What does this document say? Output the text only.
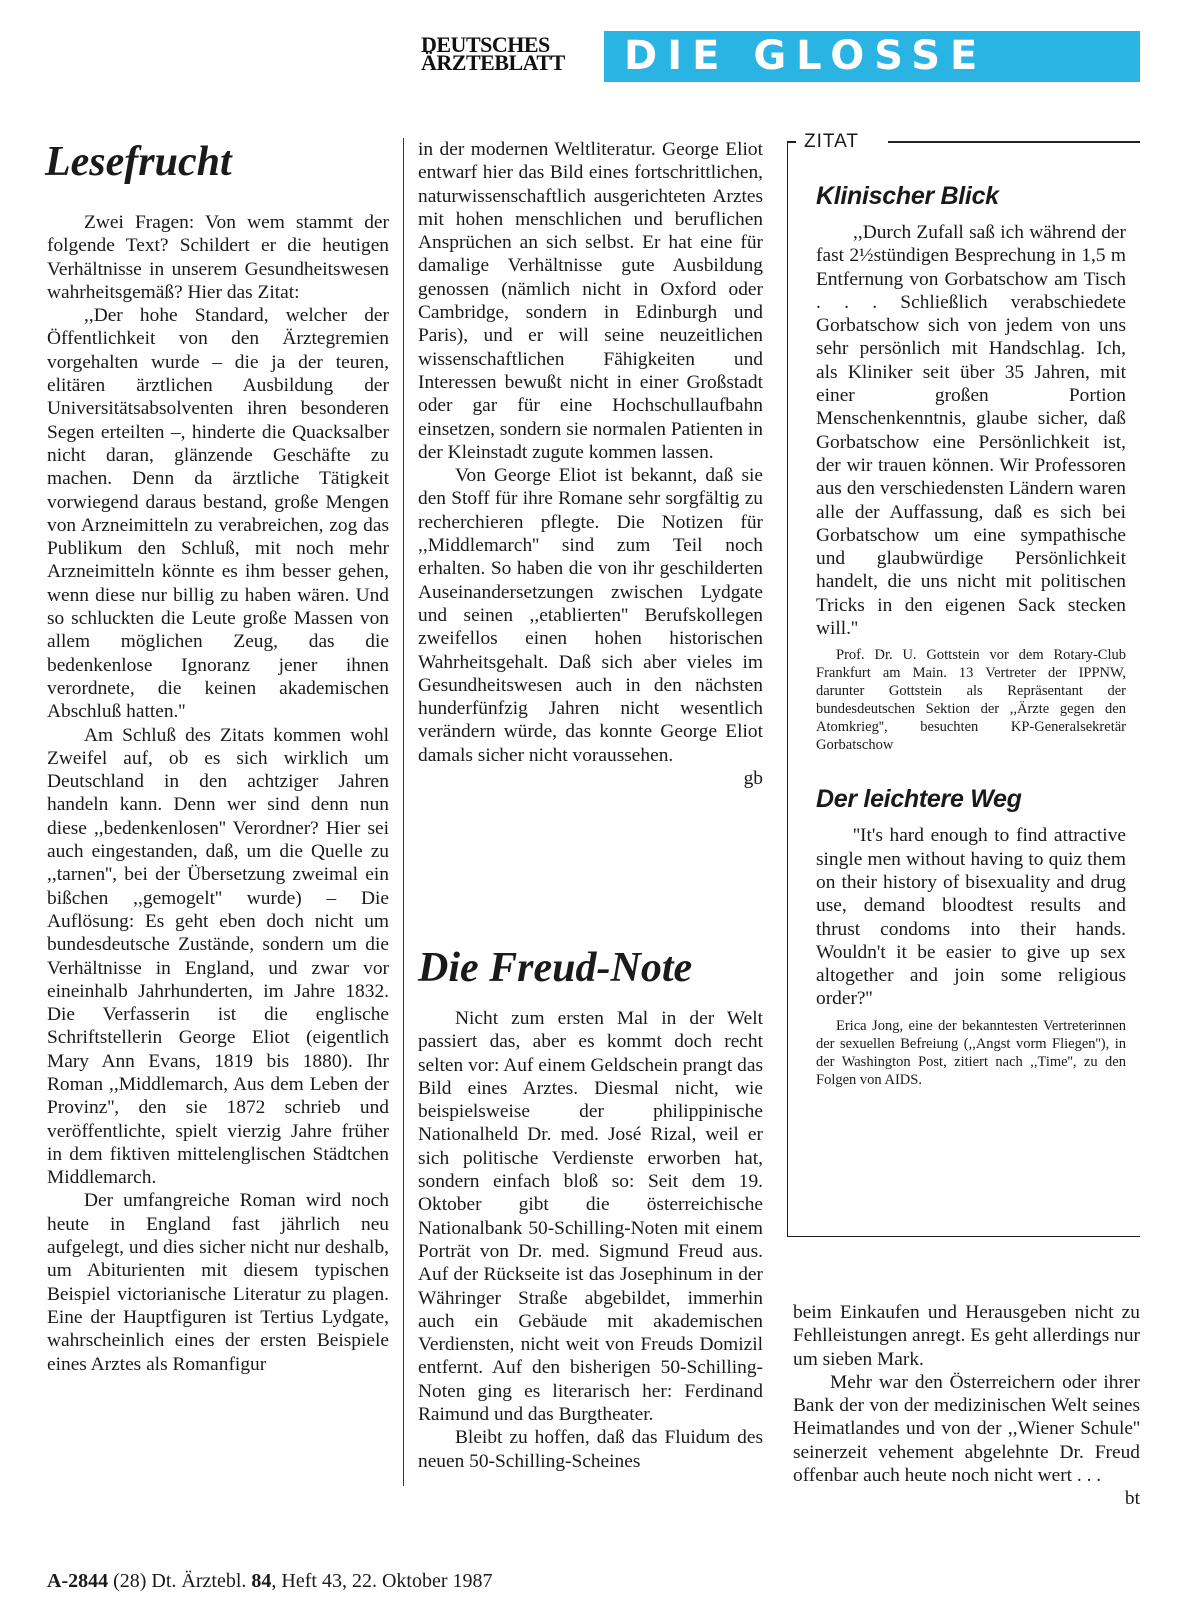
DEUTSCHES
ÄRZTEBLATT	DIE GLOSSE
Lesefrucht

Zwei Fragen: Von wem stammt der folgende Text? Schildert er die heutigen Verhältnisse in unserem Gesundheitswesen wahrheitsgemäß? Hier das Zitat:

,,Der hohe Standard, welcher der Öffentlichkeit von den Ärztegremien vorgehalten wurde – die ja der teuren, elitären ärztlichen Ausbildung der Universitätsabsolventen ihren besonderen Segen erteilten –, hinderte die Quacksalber nicht daran, glänzende Geschäfte zu machen. Denn da ärztliche Tätigkeit vorwiegend daraus bestand, große Mengen von Arzneimitteln zu verabreichen, zog das Publikum den Schluß, mit noch mehr Arzneimitteln könnte es ihm besser gehen, wenn diese nur billig zu haben wären. Und so schluckten die Leute große Massen von allem möglichen Zeug, das die bedenkenlose Ignoranz jener ihnen verordnete, die keinen akademischen Abschluß hatten.''

Am Schluß des Zitats kommen wohl Zweifel auf, ob es sich wirklich um Deutschland in den achtziger Jahren handeln kann. Denn wer sind denn nun diese ,,bedenkenlosen'' Verordner? Hier sei auch eingestanden, daß, um die Quelle zu ,,tarnen'', bei der Übersetzung zweimal ein bißchen ,,gemogelt'' wurde) – Die Auflösung: Es geht eben doch nicht um bundesdeutsche Zustände, sondern um die Verhältnisse in England, und zwar vor eineinhalb Jahrhunderten, im Jahre 1832. Die Verfasserin ist die englische Schriftstellerin George Eliot (eigentlich Mary Ann Evans, 1819 bis 1880). Ihr Roman ,,Middlemarch, Aus dem Leben der Provinz'', den sie 1872 schrieb und veröffentlichte, spielt vierzig Jahre früher in dem fiktiven mittelenglischen Städtchen Middlemarch.

Der umfangreiche Roman wird noch heute in England fast jährlich neu aufgelegt, und dies sicher nicht nur deshalb, um Abiturienten mit diesem typischen Beispiel victorianische Literatur zu plagen. Eine der Hauptfiguren ist Tertius Lydgate, wahrscheinlich eines der ersten Beispiele eines Arztes als Romanfigur

in der modernen Weltliteratur. George Eliot entwarf hier das Bild eines fortschrittlichen, naturwissenschaftlich ausgerichteten Arztes mit hohen menschlichen und beruflichen Ansprüchen an sich selbst. Er hat eine für damalige Verhältnisse gute Ausbildung genossen (nämlich nicht in Oxford oder Cambridge, sondern in Edinburgh und Paris), und er will seine neuzeitlichen wissenschaftlichen Fähigkeiten und Interessen bewußt nicht in einer Großstadt oder gar für eine Hochschullaufbahn einsetzen, sondern sie normalen Patienten in der Kleinstadt zugute kommen lassen.

Von George Eliot ist bekannt, daß sie den Stoff für ihre Romane sehr sorgfältig zu recherchieren pflegte. Die Notizen für ,,Middlemarch'' sind zum Teil noch erhalten. So haben die von ihr geschilderten Auseinandersetzungen zwischen Lydgate und seinen ,,etablierten'' Berufskollegen zweifellos einen hohen historischen Wahrheitsgehalt. Daß sich aber vieles im Gesundheitswesen auch in den nächsten hunderfünfzig Jahren nicht wesentlich verändern würde, das konnte George Eliot damals sicher nicht voraussehen.

gb
Die Freud-Note

Nicht zum ersten Mal in der Welt passiert das, aber es kommt doch recht selten vor: Auf einem Geldschein prangt das Bild eines Arztes. Diesmal nicht, wie beispielsweise der philippinische Nationalheld Dr. med. José Rizal, weil er sich politische Verdienste erworben hat, sondern einfach bloß so: Seit dem 19. Oktober gibt die österreichische Nationalbank 50-Schilling-Noten mit einem Porträt von Dr. med. Sigmund Freud aus. Auf der Rückseite ist das Josephinum in der Währinger Straße abgebildet, immerhin auch ein Gebäude mit akademischen Verdiensten, nicht weit von Freuds Domizil entfernt. Auf den bisherigen 50-Schilling-Noten ging es literarisch her: Ferdinand Raimund und das Burgtheater.

Bleibt zu hoffen, daß das Fluidum des neuen 50-Schilling-Scheines

ZITAT
Klinischer Blick

,,Durch Zufall saß ich während der fast 2½stündigen Besprechung in 1,5 m Entfernung von Gorbatschow am Tisch . . . Schließlich verabschiedete Gorbatschow sich von jedem von uns sehr persönlich mit Handschlag. Ich, als Kliniker seit über 35 Jahren, mit einer großen Portion Menschenkenntnis, glaube sicher, daß Gorbatschow eine Persönlichkeit ist, der wir trauen können. Wir Professoren aus den verschiedensten Ländern waren alle der Auffassung, daß es sich bei Gorbatschow um eine sympathische und glaubwürdige Persönlichkeit handelt, die uns nicht mit politischen Tricks in den eigenen Sack stecken will.''

Prof. Dr. U. Gottstein vor dem Rotary-Club Frankfurt am Main. 13 Vertreter der IPPNW, darunter Gottstein als Repräsentant der bundesdeutschen Sektion der ,,Ärzte gegen den Atomkrieg'', besuchten KP-Generalsekretär Gorbatschow

Der leichtere Weg

''It's hard enough to find attractive single men without having to quiz them on their history of bisexuality and drug use, demand bloodtest results and thrust condoms into their hands. Wouldn't it be easier to give up sex altogether and join some religious order?''

Erica Jong, eine der bekanntesten Vertreterinnen der sexuellen Befreiung (,,Angst vorm Fliegen''), in der Washington Post, zitiert nach ,,Time'', zu den Folgen von AIDS.

beim Einkaufen und Herausgeben nicht zu Fehlleistungen anregt. Es geht allerdings nur um sieben Mark.

Mehr war den Österreichern oder ihrer Bank der von der medizinischen Welt seines Heimatlandes und von der ,,Wiener Schule'' seinerzeit vehement abgelehnte Dr. Freud offenbar auch heute noch nicht wert . . .

bt
A-2844 (28) Dt. Ärztebl. 84, Heft 43, 22. Oktober 1987
